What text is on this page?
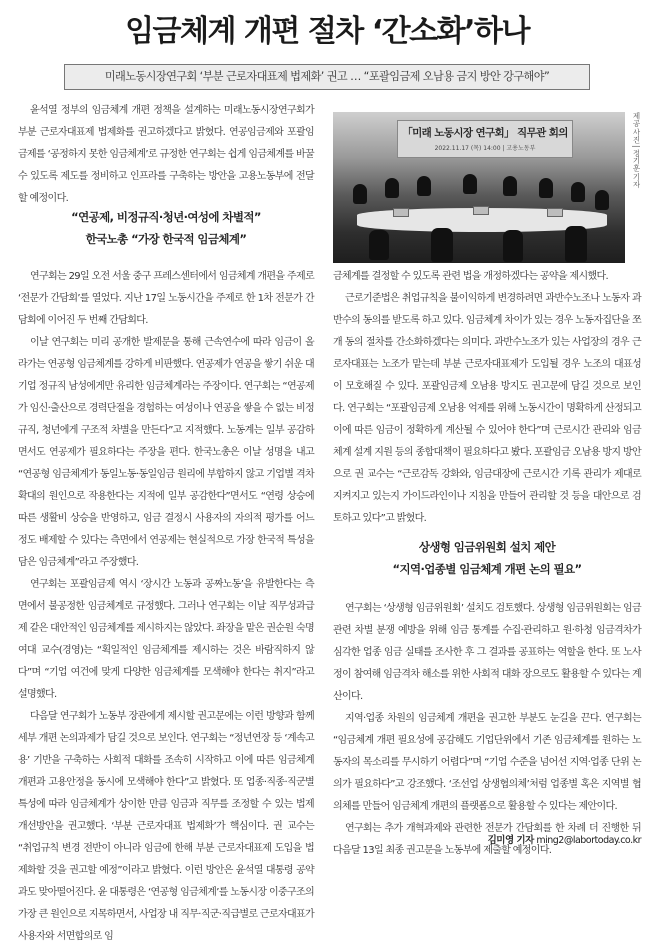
임금체계 개편 절차 ‘간소화’하나
미래노동시장연구회 ‘부분 근로자대표제 법제화’ 권고 … “포괄임금제 오남용 금지 방안 강구해야”

윤석열 정부의 임금체계 개편 정책을 설계하는 미래노동시장연구회가 부분 근로자대표제 법제화를 권고하겠다고 밝혔다. 연공임금제와 포괄임금제를 ‘공정하지 못한 임금체계’로 규정한 연구회는 쉽게 임금체계를 바꿀 수 있도록 제도를 정비하고 인프라를 구축하는 방안을 고용노동부에 전달할 예정이다.

「미래 노동시장 연구회」 직무관 회의
2022.11.17 (목) 14:00 | 고용노동부	제공 사진 | 정기훈 기자
“연공제, 비정규직·청년·여성에 차별적”
한국노총 “가장 한국적 임금체계”

연구회는 29일 오전 서울 중구 프레스센터에서 임금체계 개편을 주제로 ‘전문가 간담회’를 열었다. 지난 17일 노동시간을 주제로 한 1차 전문가 간담회에 이어진 두 번째 간담회다.

이날 연구회는 미리 공개한 발제문을 통해 근속연수에 따라 임금이 올라가는 연공형 임금체계를 강하게 비판했다. 연공제가 연공을 쌓기 쉬운 대기업 정규직 남성에게만 유리한 임금체계라는 주장이다. 연구회는 “연공제가 임신·출산으로 경력단절을 경험하는 여성이나 연공을 쌓을 수 없는 비정규직, 청년에게 구조적 차별을 만든다”고 지적했다. 노동계는 일부 공감하면서도 연공제가 필요하다는 주장을 편다. 한국노총은 이날 성명을 내고 “연공형 임금체계가 동일노동·동일임금 원리에 부합하지 않고 기업별 격차 확대의 원인으로 작용한다는 지적에 일부 공감한다”면서도 “연령 상승에 따른 생활비 상승을 반영하고, 임금 결정시 사용자의 자의적 평가를 어느 정도 배제할 수 있다는 측면에서 연공제는 현실적으로 가장 한국적 특성을 담은 임금체계”라고 주장했다.

연구회는 포괄임금제 역시 ‘장시간 노동과 공짜노동’을 유발한다는 측면에서 불공정한 임금체계로 규정했다. 그러나 연구회는 이날 직무성과급제 같은 대안적인 임금체계를 제시하지는 않았다. 좌장을 맡은 권순원 숙명여대 교수(경영)는 “획일적인 임금체계를 제시하는 것은 바람직하지 않다”며 “기업 여건에 맞게 다양한 임금체계를 모색해야 한다는 취지”라고 설명했다.

다음달 연구회가 노동부 장관에게 제시할 권고문에는 이런 방향과 함께 세부 개편 논의과제가 담길 것으로 보인다. 연구회는 “정년연장 등 ‘계속고용’ 기반을 구축하는 사회적 대화를 조속히 시작하고 이에 따른 임금체계 개편과 고용안정을 동시에 모색해야 한다”고 밝혔다. 또 업종·직종·직군별 특성에 따라 임금체계가 상이한 만큼 임금과 직무를 조정할 수 있는 법제 개선방안을 권고했다. ‘부분 근로자대표 법제화’가 핵심이다. 권 교수는 “취업규칙 변경 전반이 아니라 임금에 한해 부분 근로자대표제 도입을 법제화할 것을 권고할 예정”이라고 밝혔다. 이런 방안은 윤석열 대통령 공약과도 맞아떨어진다. 윤 대통령은 ‘연공형 임금체계’를 노동시장 이중구조의 가장 큰 원인으로 지목하면서, 사업장 내 직무·직군·직급별로 근로자대표가 사용자와 서면합의로 임

금체계를 결정할 수 있도록 관련 법을 개정하겠다는 공약을 제시했다.

근로기준법은 취업규칙을 불이익하게 변경하려면 과반수노조나 노동자 과반수의 동의를 받도록 하고 있다. 임금체계 차이가 있는 경우 노동자집단을 쪼개 동의 절차를 간소화하겠다는 의미다. 과반수노조가 있는 사업장의 경우 근로자대표는 노조가 맡는데 부분 근로자대표제가 도입될 경우 노조의 대표성이 모호해질 수 있다. 포괄임금제 오남용 방지도 권고문에 담길 것으로 보인다. 연구회는 “포괄임금제 오남용 억제를 위해 노동시간이 명확하게 산정되고 이에 따른 임금이 정확하게 계산될 수 있어야 한다”며 근로시간 관리와 임금체계 설계 지원 등의 종합대책이 필요하다고 봤다. 포괄임금 오남용 방지 방안으로 권 교수는 “근로감독 강화와, 임금대장에 근로시간 기록 관리가 제대로 지켜지고 있는지 가이드라인이나 지침을 만들어 관리할 것 등을 대안으로 검토하고 있다”고 밝혔다.

상생형 임금위원회 설치 제안
“지역·업종별 임금체계 개편 논의 필요”

연구회는 ‘상생형 임금위원회’ 설치도 검토했다. 상생형 임금위원회는 임금 관련 차별 분쟁 예방을 위해 임금 통계를 수집·관리하고 원·하청 임금격차가 심각한 업종 임금 실태를 조사한 후 그 결과를 공표하는 역할을 한다. 또 노사정이 참여해 임금격차 해소를 위한 사회적 대화 장으로도 활용할 수 있다는 계산이다.

지역·업종 차원의 임금체계 개편을 권고한 부분도 눈길을 끈다. 연구회는 “임금체계 개편 필요성에 공감해도 기업단위에서 기존 임금체계를 원하는 노동자의 목소리를 무시하기 어렵다”며 “기업 수준을 넘어선 지역·업종 단위 논의가 필요하다”고 강조했다. ‘조선업 상생협의체’처럼 업종별 혹은 지역별 협의체를 만들어 임금체계 개편의 플랫폼으로 활용할 수 있다는 제안이다.

연구회는 추가 개혁과제와 관련한 전문가 간담회를 한 차례 더 진행한 뒤 다음달 13일 최종 권고문을 노동부에 제출할 예정이다.

김미영 기자 ming2@labortoday.co.kr
